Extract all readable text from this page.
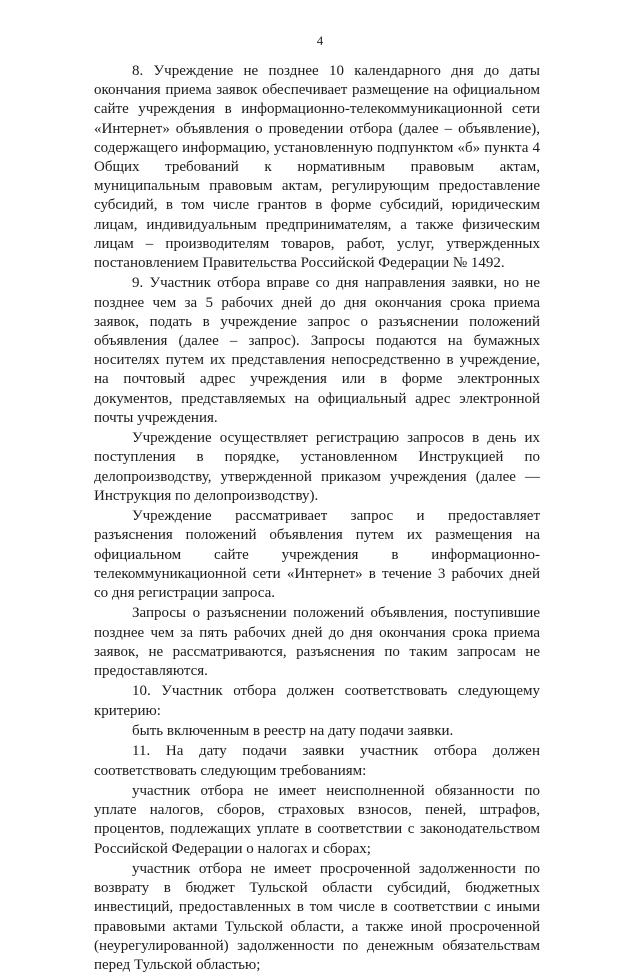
4

8. Учреждение не позднее 10 календарного дня до даты окончания приема заявок обеспечивает размещение на официальном сайте учреждения в информационно-телекоммуникационной сети «Интернет» объявления о проведении отбора (далее – объявление), содержащего информацию, установленную подпунктом «б» пункта 4 Общих требований к нормативным правовым актам, муниципальным правовым актам, регулирующим предоставление субсидий, в том числе грантов в форме субсидий, юридическим лицам, индивидуальным предпринимателям, а также физическим лицам – производителям товаров, работ, услуг, утвержденных постановлением Правительства Российской Федерации № 1492.

9. Участник отбора вправе со дня направления заявки, но не позднее чем за 5 рабочих дней до дня окончания срока приема заявок, подать в учреждение запрос о разъяснении положений объявления (далее – запрос). Запросы подаются на бумажных носителях путем их представления непосредственно в учреждение, на почтовый адрес учреждения или в форме электронных документов, представляемых на официальный адрес электронной почты учреждения.

Учреждение осуществляет регистрацию запросов в день их поступления в порядке, установленном Инструкцией по делопроизводству, утвержденной приказом учреждения (далее — Инструкция по делопроизводству).

Учреждение рассматривает запрос и предоставляет разъяснения положений объявления путем их размещения на официальном сайте учреждения в информационно-телекоммуникационной сети «Интернет» в течение 3 рабочих дней со дня регистрации запроса.

Запросы о разъяснении положений объявления, поступившие позднее чем за пять рабочих дней до дня окончания срока приема заявок, не рассматриваются, разъяснения по таким запросам не предоставляются.

10. Участник отбора должен соответствовать следующему критерию:

быть включенным в реестр на дату подачи заявки.

11. На дату подачи заявки участник отбора должен соответствовать следующим требованиям:

участник отбора не имеет неисполненной обязанности по уплате налогов, сборов, страховых взносов, пеней, штрафов, процентов, подлежащих уплате в соответствии с законодательством Российской Федерации о налогах и сборах;

участник отбора не имеет просроченной задолженности по возврату в бюджет Тульской области субсидий, бюджетных инвестиций, предоставленных в том числе в соответствии с иными правовыми актами Тульской области, а также иной просроченной (неурегулированной) задолженности по денежным обязательствам перед Тульской областью;
